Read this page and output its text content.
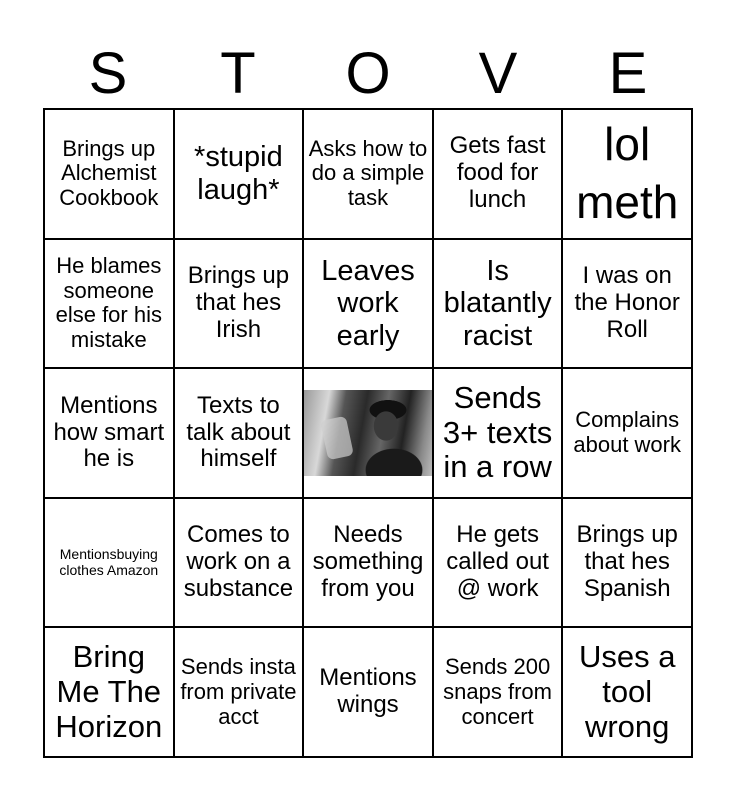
S	T	O	V	E
Brings up Alchemist Cookbook
*stupid laugh*
Asks how to do a simple task
Gets fast food for lunch
lol meth
He blames someone else for his mistake
Brings up that hes Irish
Leaves work early
Is blatantly racist
I was on the Honor Roll
Mentions how smart he is
Texts to talk about himself
Sends 3+ texts in a row
Complains about work
Mentionsbuying clothes Amazon
Comes to work on a substance
Needs something from you
He gets called out @ work
Brings up that hes Spanish
Bring Me The Horizon
Sends insta from private acct
Mentions wings
Sends 200 snaps from concert
Uses a tool wrong
